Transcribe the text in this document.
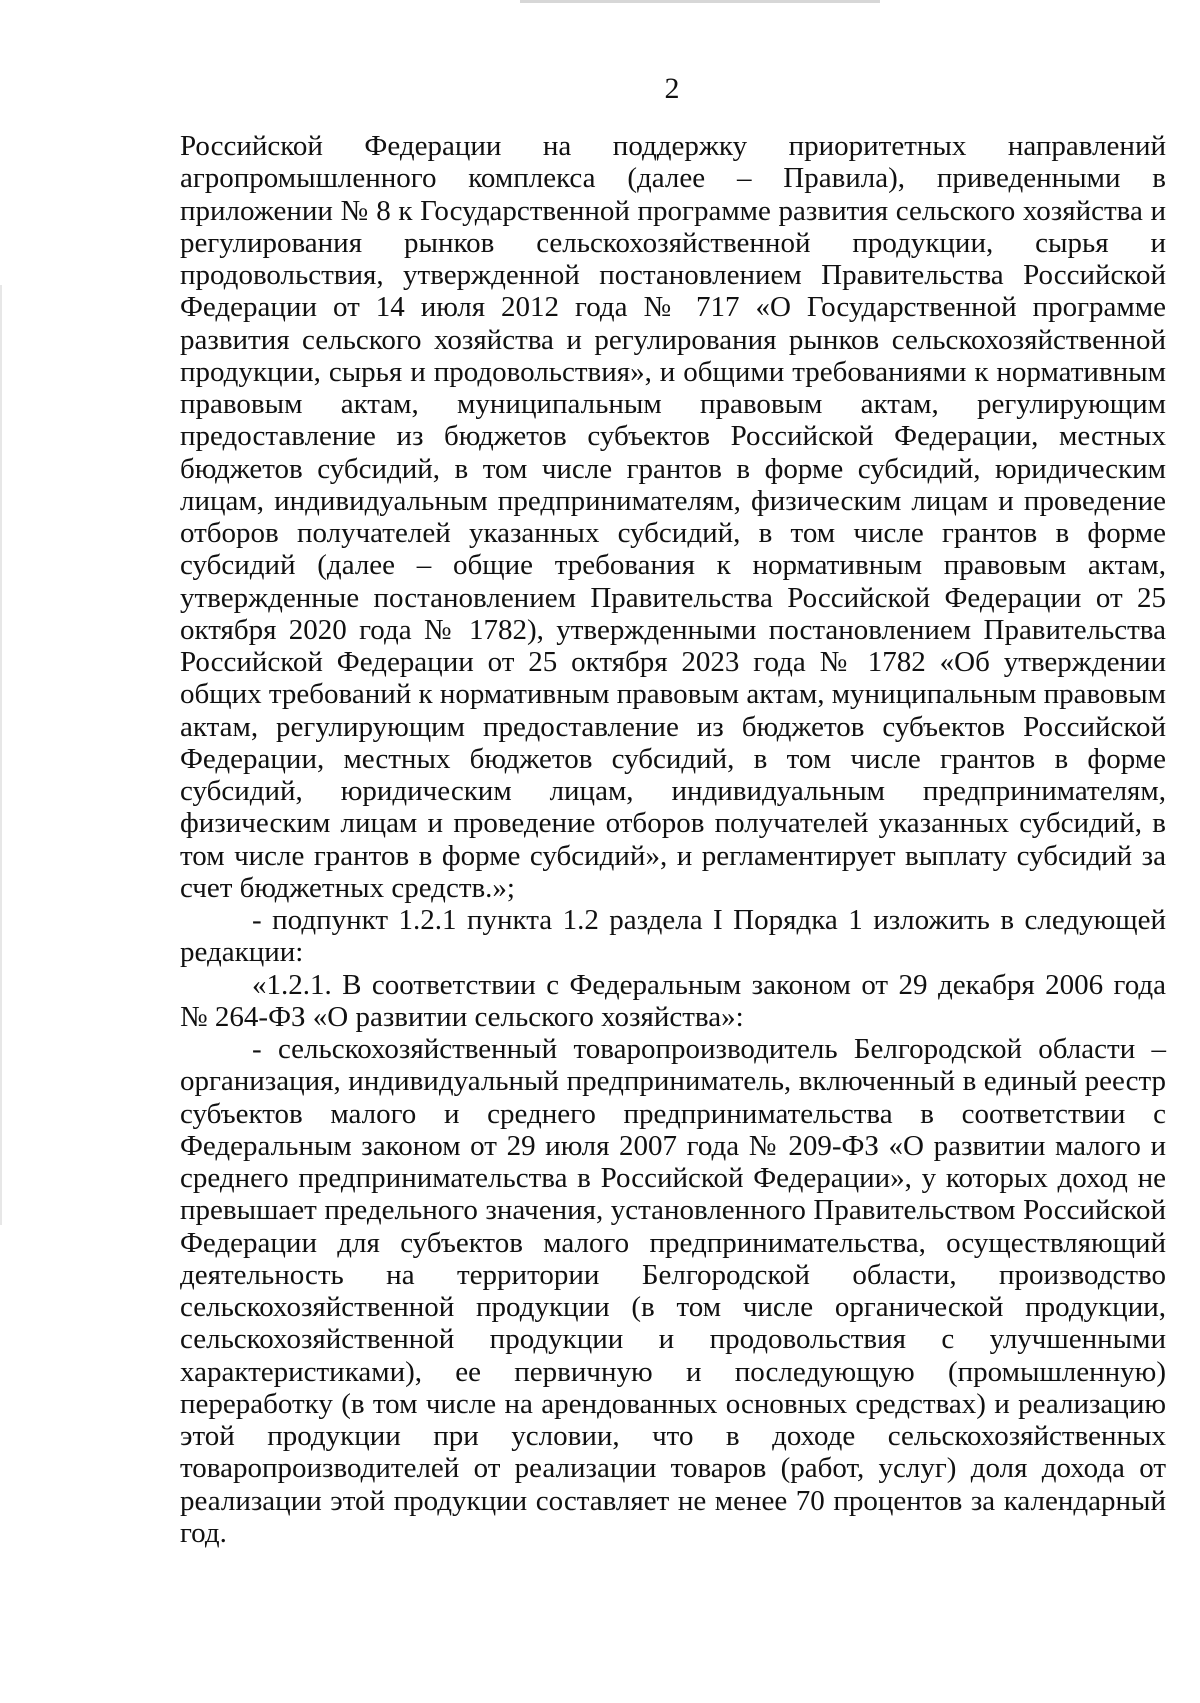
2

Российской Федерации на поддержку приоритетных направлений агропромышленного комплекса (далее – Правила), приведенными в приложении № 8 к Государственной программе развития сельского хозяйства и регулирования рынков сельскохозяйственной продукции, сырья и продовольствия, утвержденной постановлением Правительства Российской Федерации от 14 июля 2012 года № 717 «О Государственной программе развития сельского хозяйства и регулирования рынков сельскохозяйственной продукции, сырья и продовольствия», и общими требованиями к нормативным правовым актам, муниципальным правовым актам, регулирующим предоставление из бюджетов субъектов Российской Федерации, местных бюджетов субсидий, в том числе грантов в форме субсидий, юридическим лицам, индивидуальным предпринимателям, физическим лицам и проведение отборов получателей указанных субсидий, в том числе грантов в форме субсидий (далее – общие требования к нормативным правовым актам, утвержденные постановлением Правительства Российской Федерации от 25 октября 2020 года № 1782), утвержденными постановлением Правительства Российской Федерации от 25 октября 2023 года № 1782 «Об утверждении общих требований к нормативным правовым актам, муниципальным правовым актам, регулирующим предоставление из бюджетов субъектов Российской Федерации, местных бюджетов субсидий, в том числе грантов в форме субсидий, юридическим лицам, индивидуальным предпринимателям, физическим лицам и проведение отборов получателей указанных субсидий, в том числе грантов в форме субсидий», и регламентирует выплату субсидий за счет бюджетных средств.»;

- подпункт 1.2.1 пункта 1.2 раздела I Порядка 1 изложить в следующей редакции:

«1.2.1. В соответствии с Федеральным законом от 29 декабря 2006 года № 264-ФЗ «О развитии сельского хозяйства»:

- сельскохозяйственный товаропроизводитель Белгородской области – организация, индивидуальный предприниматель, включенный в единый реестр субъектов малого и среднего предпринимательства в соответствии с Федеральным законом от 29 июля 2007 года № 209-ФЗ «О развитии малого и среднего предпринимательства в Российской Федерации», у которых доход не превышает предельного значения, установленного Правительством Российской Федерации для субъектов малого предпринимательства, осуществляющий деятельность на территории Белгородской области, производство сельскохозяйственной продукции (в том числе органической продукции, сельскохозяйственной продукции и продовольствия с улучшенными характеристиками), ее первичную и последующую (промышленную) переработку (в том числе на арендованных основных средствах) и реализацию этой продукции при условии, что в доходе сельскохозяйственных товаропроизводителей от реализации товаров (работ, услуг) доля дохода от реализации этой продукции составляет не менее 70 процентов за календарный год.
